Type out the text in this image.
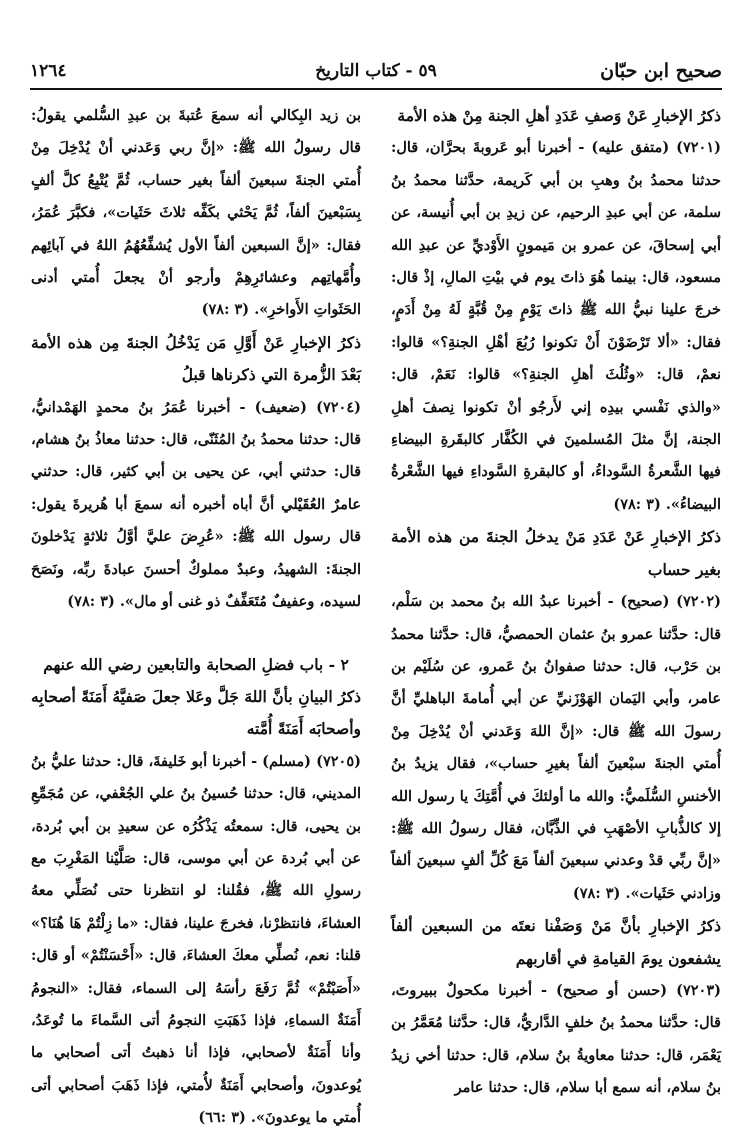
صحيح ابن حبّان
٥٩ - كتاب التاريخ
١٢٦٤

ذكرُ الإخبارِ عَنْ وَصفِ عَدَدِ أهلِ الجنة مِنْ هذه الأمة

(٧٢٠١) (متفق عليه) - أخبرنا أبو عَروبةَ بحرَّان، قال: حدثنا محمدُ بنُ وهبِ بن أبي كَريمة، حدَّثنا محمدُ بنُ سلمة، عن أبي عبدِ الرحيم، عن زيدِ بن أبي أُنيسة، عن أبي إسحاقَ، عن عمرو بن مَيمونٍ الأَوْديِّ عن عبدِ الله مسعود، قال: بينما هُوَ ذاتَ يوم في بيْتِ المالِ، إذْ قال: خرجَ علينا نبيُّ الله ﷺ ذاتَ يَوْمٍ مِنْ قُبَّةٍ لَهُ مِنْ أَدَمٍ، فقال: «ألا تَرْضَوْنَ أَنْ تكونوا رُبُعَ أهْلِ الجنةِ؟» قالوا: نعمْ، قال: «وثُلُثَ أهلِ الجنةِ؟» قالوا: نَعَمْ، قال: «والذي نَفْسي بيدِه إني لأَرجُو أنْ تكونوا نِصفَ أهلِ الجنة، إنَّ مثلَ المُسلمينَ في الكُفَّار كالبقَرةِ البيضاءِ فيها الشَّعرةُ السَّوداءُ، أو كالبقرةِ السَّوداءِ فيها الشَّعْرةُ البيضاءُ». (٣ :٧٨)

ذكرُ الإخبارِ عَنْ عَدَدِ مَنْ يدخلُ الجنةَ من هذه الأمة بغير حساب

(٧٢٠٢) (صحيح) - أخبرنا عبدُ الله بنُ محمد بن سَلْم، قال: حدَّثنا عمرو بنُ عثمان الحمصيُّ، قال: حدَّثنا محمدُ بن حَرْب، قال: حدثنا صفوانُ بنُ عَمرو، عن سُلَيْم بن عامر، وأبي اليَمان الهَوْزَنيِّ عن أبي أُمامةَ الباهليِّ أنَّ رسولَ الله ﷺ قال: «إنَّ اللهَ وَعَدني أنْ يُدْخِلَ مِنْ أُمتي الجنةَ سبْعينَ ألفاً بغيرِ حساب»، فقال يزيدُ بنُ الأخنسِ السُّلَميُّ: والله ما أولئكَ في أُمَّتِكَ يا رسول الله إلا كالذُّبابِ الأصْهَبِ في الذِّبَّان، فقال رسولُ الله ﷺ: «إنَّ ربِّي قدْ وعدني سبعينَ ألفاً مَعَ كُلِّ ألفٍ سبعينَ ألفاً وزادني حَثَيات». (٣ :٧٨)

ذكرُ الإخبارِ بأنَّ مَنْ وَصَفْنا نعتَه من السبعين ألفاً يشفعون يومَ القيامةِ في أقاربهم

(٧٢٠٣) (حسن أو صحيح) - أخبرنا مكحولٌ ببيروتَ، قال: حدَّثنا محمدُ بنُ خلفٍ الدَّاريُّ، قال: حدَّثنا مُعَمَّرُ بن يَعْمَر، قال: حدثنا معاويةُ بنُ سلام، قال: حدثنا أخي زيدُ بنُ سلام، أنه سمع أبا سلام، قال: حدثنا عامر

بن زيد البِكالي أنه سمعَ عُتبةَ بن عبدِ السُّلمي يقولُ: قال رسولُ الله ﷺ: «إنَّ ربي وَعَدني أنْ يُدْخِلَ مِنْ أُمتي الجنةَ سبعينَ ألفاً بغير حساب، ثُمَّ يُتْبِعُ كلَّ ألفٍ بِسَبْعينَ ألفاً، ثُمَّ يَحْثي بكَفِّه ثلاثَ حَثَيات»، فكبَّرَ عُمَرُ، فقال: «إنَّ السبعين ألفاً الأول يُشفِّعُهُمُ اللهُ في آبائِهم وأُمَّهاتِهم وعشائرِهِمْ وأرجو أنْ يجعلَ أُمتي أدنى الحَثَواتِ الأَواخرِ». (٣ :٧٨)

ذكرُ الإخبارِ عَنْ أَوَّلِ مَن يَدْخُلُ الجنةَ مِن هذه الأمة بَعْدَ الزُّمرة التي ذكرناها قبلُ

(٧٢٠٤) (ضعيف) - أخبرنا عُمَرُ بنُ محمدٍ الهَمْدانيُّ، قال: حدثنا محمدُ بنُ المُثَنّى، قال: حدثنا معاذُ بنُ هشام، قال: حدثني أبي، عن يحيى بن أبي كثير، قال: حدثني عامرٌ العُقَيْلي أنَّ أباه أخبره أنه سمعَ أبا هُريرةَ يقول: قال رسول الله ﷺ: «عُرِضَ عليَّ أوَّلُ ثلاثةٍ يَدْخلونَ الجنةَ: الشهيدُ، وعبدٌ مملوكٌ أحسنَ عبادةَ ربِّه، ونَصَحَ لسيده، وعفيفٌ مُتَعَفِّفٌ ذو غنى أو مال». (٣ :٧٨)

٢ - باب فضلِ الصحابة والتابعين رضي الله عنهم

ذكرُ البيانِ بأنَّ اللهَ جَلَّ وعَلا جعلَ صَفيَّهُ أَمَنَةً أصحابِه وأصحابَه أَمَنَةً أُمَّته

(٧٢٠٥) (مسلم) - أخبرنا أبو خَليفةَ، قال: حدثنا عليُّ بنُ المديني، قال: حدثنا حُسينُ بنُ علي الجُعْفي، عن مُجَمِّعِ بن يحيى، قال: سمعتُه يَذْكُرُه عن سعيدِ بن أبي بُردة، عن أبي بُردة عن أبي موسى، قال: صَلَّيْنا المَغْرِبَ مع رسولِ الله ﷺ، فقُلنا: لو انتظرنا حتى نُصَلِّي معهُ العشاءَ، فانتظرْنا، فخرجَ علينا، فقال: «ما زِلْتُمْ هَا هُنَا؟» قلنا: نعم، نُصلِّي معكَ العشاءَ، قال: «أَحْسَنْتُمْ» أو قال: «أَصَبْتُمْ» ثُمَّ رَفَعَ رأسَهُ إلى السماء، فقال: «النجومُ أَمَنَةٌ السماءِ، فإذا ذَهَبَتِ النجومُ أتى السَّماءَ ما تُوعَدُ، وأنا أَمَنَةٌ لأصحابي، فإذا أنا ذهبتُ أتى أصحابي ما يُوعدونَ، وأصحابي أَمَنَةٌ لأُمتي، فإذا ذَهَبَ أصحابي أتى أُمتي ما يوعدونَ». (٣ :٦٦)
